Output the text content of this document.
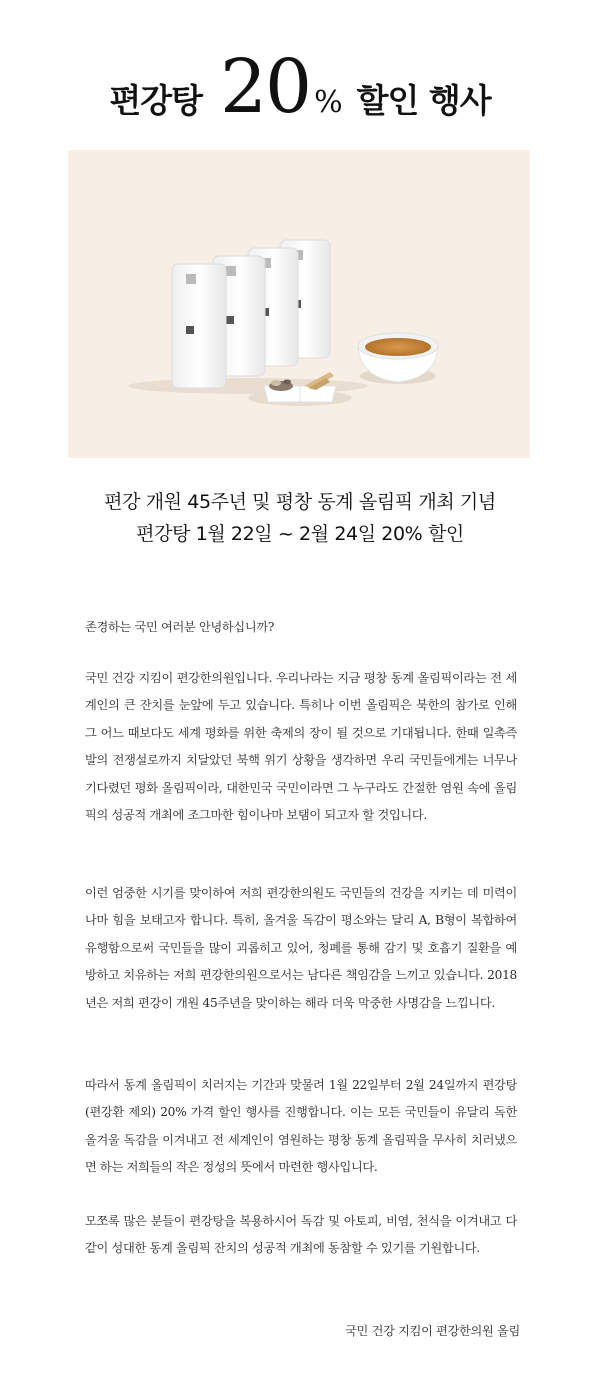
편강탕 20 % 할인 행사
편강 개원 45주년 및 평창 동계 올림픽 개최 기념
편강탕 1월 22일 ~ 2월 24일 20% 할인
존경하는 국민 여러분 안녕하십니까?
국민 건강 지킴이 편강한의원입니다. 우리나라는 지금 평창 동계 올림픽이라는 전 세계인의 큰 잔치를 눈앞에 두고 있습니다. 특히나 이번 올림픽은 북한의 참가로 인해 그 어느 때보다도 세계 평화를 위한 축제의 장이 될 것으로 기대됩니다. 한때 일촉즉발의 전쟁설로까지 치달았던 북핵 위기 상황을 생각하면 우리 국민들에게는 너무나 기다렸던 평화 올림픽이라, 대한민국 국민이라면 그 누구라도 간절한 염원 속에 올림픽의 성공적 개최에 조그마한 힘이나마 보탬이 되고자 할 것입니다.
이런 엄중한 시기를 맞이하여 저희 편강한의원도 국민들의 건강을 지키는 데 미력이나마 힘을 보태고자 합니다. 특히, 올겨울 독감이 평소와는 달리 A, B형이 복합하여 유행함으로써 국민들을 많이 괴롭히고 있어, 청폐를 통해 감기 및 호흡기 질환을 예방하고 치유하는 저희 편강한의원으로서는 남다른 책임감을 느끼고 있습니다. 2018년은 저희 편강이 개원 45주년을 맞이하는 해라 더욱 막중한 사명감을 느낍니다.
따라서 동계 올림픽이 치러지는 기간과 맞물려 1월 22일부터 2월 24일까지 편강탕(편강환 제외) 20% 가격 할인 행사를 진행합니다. 이는 모든 국민들이 유달리 독한 올겨울 독감을 이겨내고 전 세계인이 염원하는 평창 동계 올림픽을 무사히 치러냈으면 하는 저희들의 작은 정성의 뜻에서 마련한 행사입니다.
모쪼록 많은 분들이 편강탕을 복용하시어 독감 및 아토피, 비염, 천식을 이겨내고 다 같이 성대한 동계 올림픽 잔치의 성공적 개최에 동참할 수 있기를 기원합니다.
국민 건강 지킴이 편강한의원 올림
